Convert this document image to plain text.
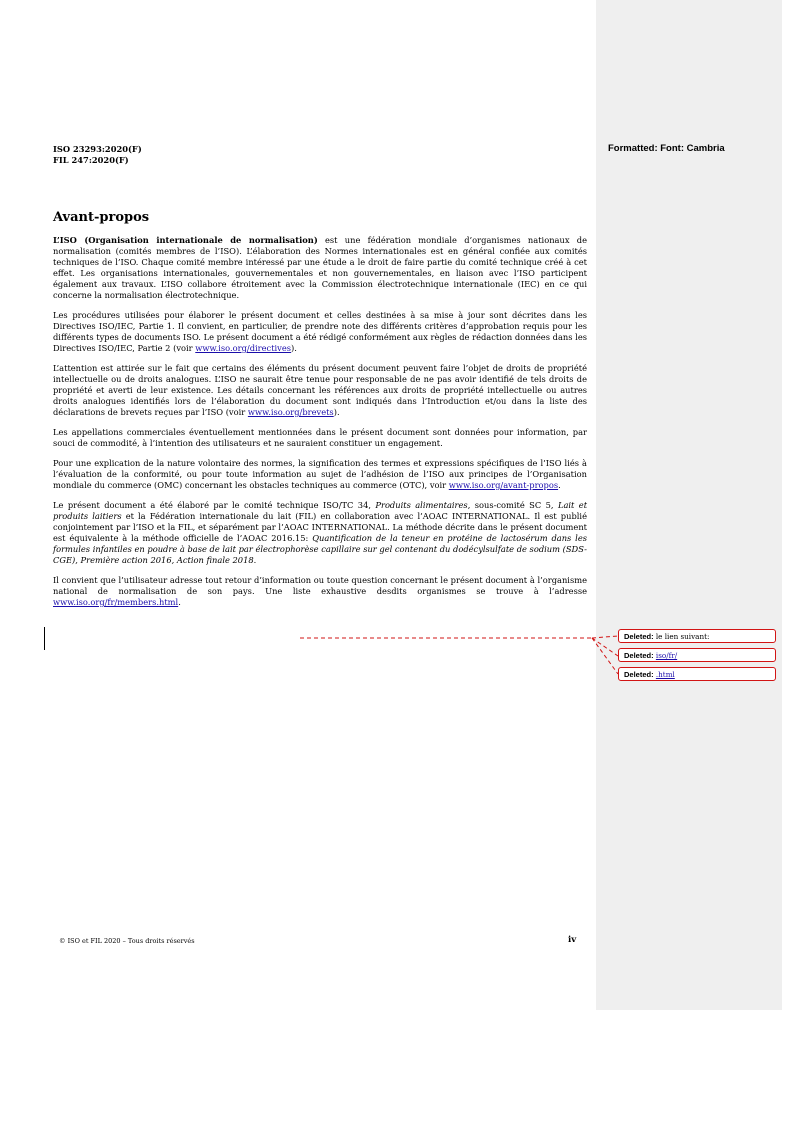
ISO 23293:2020(F)
FIL 247:2020(F)
Avant-propos

L’ISO (Organisation internationale de normalisation) est une fédération mondiale d’organismes nationaux de normalisation (comités membres de l’ISO). L’élaboration des Normes internationales est en général confiée aux comités techniques de l’ISO. Chaque comité membre intéressé par une étude a le droit de faire partie du comité technique créé à cet effet. Les organisations internationales, gouvernementales et non gouvernementales, en liaison avec l’ISO participent également aux travaux. L’ISO collabore étroitement avec la Commission électrotechnique internationale (IEC) en ce qui concerne la normalisation électrotechnique.

Les procédures utilisées pour élaborer le présent document et celles destinées à sa mise à jour sont décrites dans les Directives ISO/IEC, Partie 1. Il convient, en particulier, de prendre note des différents critères d’approbation requis pour les différents types de documents ISO. Le présent document a été rédigé conformément aux règles de rédaction données dans les Directives ISO/IEC, Partie 2 (voir www.iso.org/directives).

L’attention est attirée sur le fait que certains des éléments du présent document peuvent faire l’objet de droits de propriété intellectuelle ou de droits analogues. L’ISO ne saurait être tenue pour responsable de ne pas avoir identifié de tels droits de propriété et averti de leur existence. Les détails concernant les références aux droits de propriété intellectuelle ou autres droits analogues identifiés lors de l’élaboration du document sont indiqués dans l’Introduction et/ou dans la liste des déclarations de brevets reçues par l’ISO (voir www.iso.org/brevets).

Les appellations commerciales éventuellement mentionnées dans le présent document sont données pour information, par souci de commodité, à l’intention des utilisateurs et ne sauraient constituer un engagement.

Pour une explication de la nature volontaire des normes, la signification des termes et expressions spécifiques de l’ISO liés à l’évaluation de la conformité, ou pour toute information au sujet de l’adhésion de l’ISO aux principes de l’Organisation mondiale du commerce (OMC) concernant les obstacles techniques au commerce (OTC), voir www.iso.org/avant-propos.

Le présent document a été élaboré par le comité technique ISO/TC 34, Produits alimentaires, sous-comité SC 5, Lait et produits laitiers et la Fédération internationale du lait (FIL) en collaboration avec l’AOAC INTERNATIONAL. Il est publié conjointement par l’ISO et la FIL, et séparément par l’AOAC INTERNATIONAL. La méthode décrite dans le présent document est équivalente à la méthode officielle de l’AOAC 2016.15: Quantification de la teneur en protéine de lactosérum dans les formules infantiles en poudre à base de lait par électrophorèse capillaire sur gel contenant du dodécylsulfate de sodium (SDS-CGE), Première action 2016, Action finale 2018.

Il convient que l’utilisateur adresse tout retour d’information ou toute question concernant le présent document à l’organisme national de normalisation de son pays. Une liste exhaustive desdits organismes se trouve à l’adresse www.iso.org/fr/members.html.

© ISO et FIL 2020 – Tous droits réservés	iv
Deleted: le lien suivant:
Deleted: iso/fr/
Deleted: .html
Formatted: Font: Cambria
